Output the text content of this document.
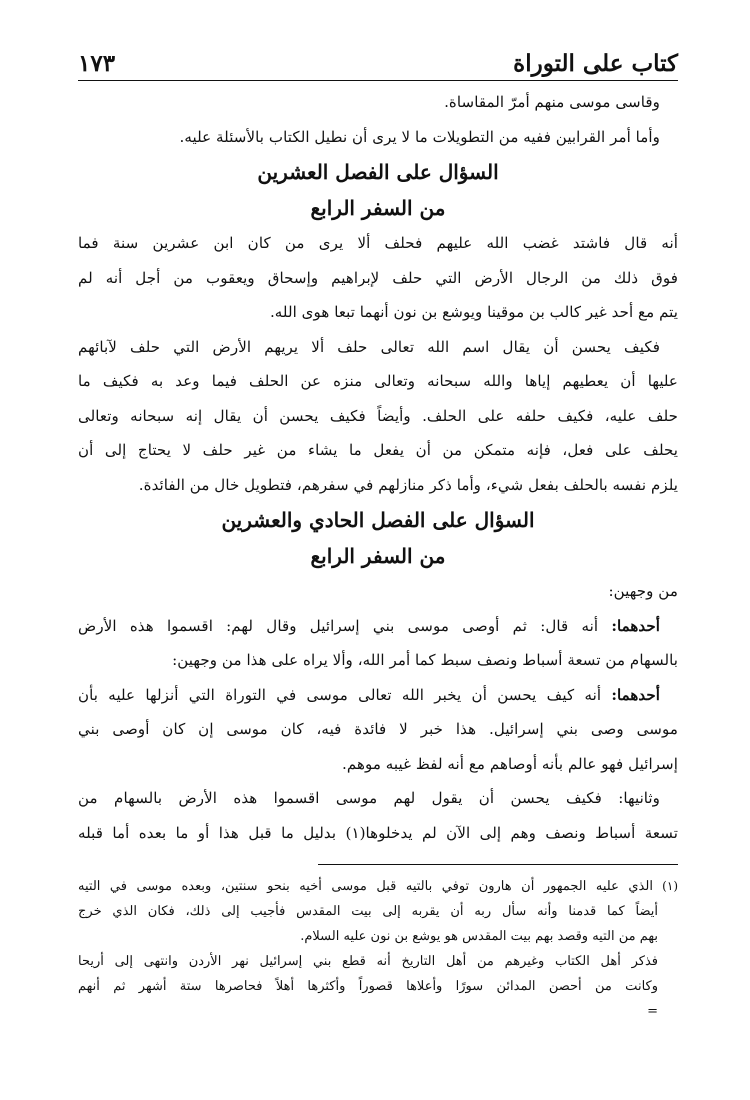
كتاب على التوراة
١٧٣
وقاسى موسى منهم أمرّ المقاساة.
وأما أمر القرابين ففيه من التطويلات ما لا يرى أن نطيل الكتاب بالأسئلة عليه.
السؤال على الفصل العشرين
من السفر الرابع
أنه قال فاشتد غضب الله عليهم فحلف ألا يرى من كان ابن عشرين سنة فما
فوق ذلك من الرجال الأرض التي حلف لإبراهيم وإسحاق ويعقوب من أجل أنه لم
يتم مع أحد غير كالب بن موقينا ويوشع بن نون أنهما تبعا هوى الله.
فكيف يحسن أن يقال اسم الله تعالى حلف ألا يريهم الأرض التي حلف لآبائهم
عليها أن يعطيهم إياها والله سبحانه وتعالى منزه عن الحلف فيما وعد به فكيف ما
حلف عليه، فكيف حلفه على الحلف. وأيضاً فكيف يحسن أن يقال إنه سبحانه وتعالى
يحلف على فعل، فإنه متمكن من أن يفعل ما يشاء من غير حلف لا يحتاج إلى أن
يلزم نفسه بالحلف بفعل شيء، وأما ذكر منازلهم في سفرهم، فتطويل خال من الفائدة.
السؤال على الفصل الحادي والعشرين
من السفر الرابع
من وجهين:
أحدهما: أنه قال: ثم أوصى موسى بني إسرائيل وقال لهم: اقسموا هذه الأرض
بالسهام من تسعة أسباط ونصف سبط كما أمر الله، وألا يراه على هذا من وجهين:
أحدهما: أنه كيف يحسن أن يخبر الله تعالى موسى في التوراة التي أنزلها عليه بأن
موسى وصى بني إسرائيل. هذا خبر لا فائدة فيه، كان موسى إن كان أوصى بني
إسرائيل فهو عالم بأنه أوصاهم مع أنه لفظ غيبه موهم.
وثانيها: فكيف يحسن أن يقول لهم موسى اقسموا هذه الأرض بالسهام من
تسعة أسباط ونصف وهم إلى الآن لم يدخلوها(١) بدليل ما قبل هذا أو ما بعده أما قبله
(١) الذي عليه الجمهور أن هارون توفي بالتيه قبل موسى أخيه بنحو سنتين، وبعده موسى في التيه
أيضاً كما قدمنا وأنه سأل ربه أن يقربه إلى بيت المقدس فأجيب إلى ذلك، فكان الذي خرج
بهم من التيه وقصد بهم بيت المقدس هو يوشع بن نون عليه السلام.
فذكر أهل الكتاب وغيرهم من أهل التاريخ أنه قطع بني إسرائيل نهر الأردن وانتهى إلى أريحا
وكانت من أحصن المدائن سورًا وأعلاها قصوراً وأكثرها أهلاً فحاصرها ستة أشهر ثم أنهم
=
